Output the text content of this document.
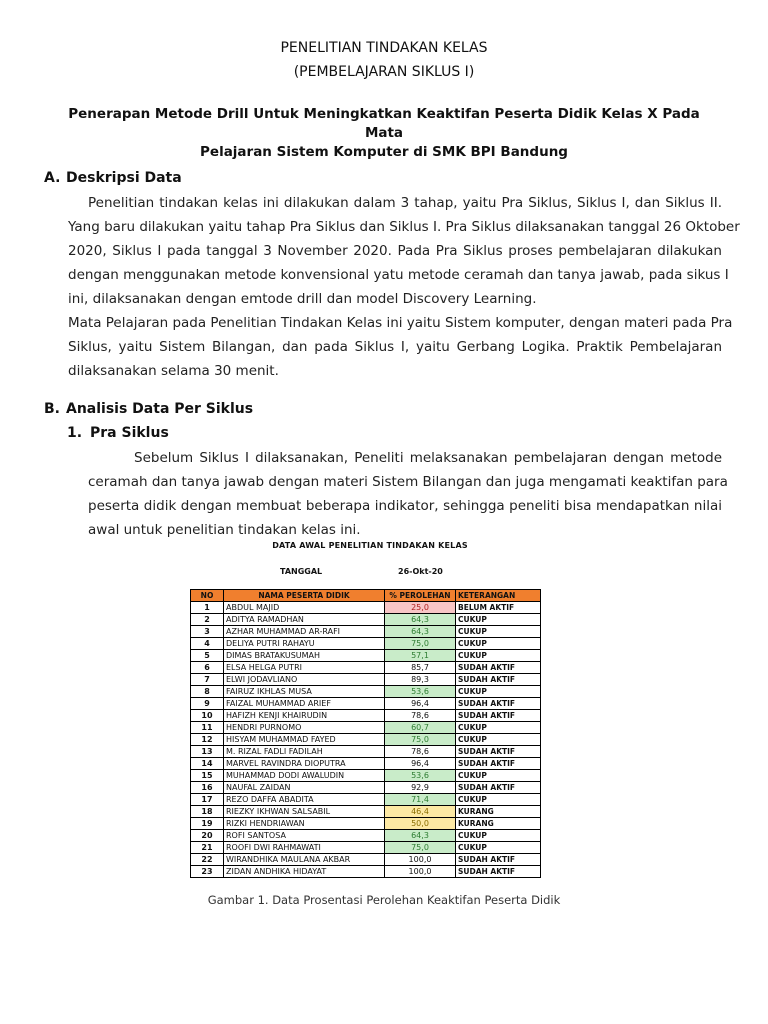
PENELITIAN TINDAKAN KELAS
(PEMBELAJARAN SIKLUS I)
Penerapan Metode Drill Untuk Meningkatkan Keaktifan Peserta Didik Kelas X Pada Mata
Pelajaran Sistem Komputer di SMK BPI Bandung
A. Deskripsi Data
Penelitian tindakan kelas ini dilakukan dalam 3 tahap, yaitu Pra Siklus, Siklus I, dan Siklus II.
Yang baru dilakukan yaitu tahap Pra Siklus dan Siklus I. Pra Siklus dilaksanakan tanggal 26 Oktober
2020, Siklus I pada tanggal 3 November 2020. Pada Pra Siklus proses pembelajaran dilakukan
dengan menggunakan metode konvensional yatu metode ceramah dan tanya jawab, pada sikus I
ini, dilaksanakan dengan emtode drill dan model Discovery Learning.
Mata Pelajaran pada Penelitian Tindakan Kelas ini yaitu Sistem komputer, dengan materi pada Pra
Siklus, yaitu Sistem Bilangan, dan pada Siklus I, yaitu Gerbang Logika. Praktik Pembelajaran
dilaksanakan selama 30 menit.
B. Analisis Data Per Siklus
1. Pra Siklus
Sebelum Siklus I dilaksanakan, Peneliti melaksanakan pembelajaran dengan metode
ceramah dan tanya jawab dengan materi Sistem Bilangan dan juga mengamati keaktifan para
peserta didik dengan membuat beberapa indikator, sehingga peneliti bisa mendapatkan nilai
awal untuk penelitian tindakan kelas ini.
DATA AWAL PENELITIAN TINDAKAN KELAS
TANGGAL	26-Okt-20
NO	NAMA PESERTA DIDIK	% PEROLEHAN	KETERANGAN
1	ABDUL MAJID	25,0	BELUM AKTIF
2	ADITYA RAMADHAN	64,3	CUKUP
3	AZHAR MUHAMMAD AR-RAFI	64,3	CUKUP
4	DELIYA PUTRI RAHAYU	75,0	CUKUP
5	DIMAS BRATAKUSUMAH	57,1	CUKUP
6	ELSA HELGA PUTRI	85,7	SUDAH AKTIF
7	ELWI JODAVLIANO	89,3	SUDAH AKTIF
8	FAIRUZ IKHLAS MUSA	53,6	CUKUP
9	FAIZAL MUHAMMAD ARIEF	96,4	SUDAH AKTIF
10	HAFIZH KENJI KHAIRUDIN	78,6	SUDAH AKTIF
11	HENDRI PURNOMO	60,7	CUKUP
12	HISYAM MUHAMMAD FAYED	75,0	CUKUP
13	M. RIZAL FADLI FADILAH	78,6	SUDAH AKTIF
14	MARVEL RAVINDRA DIOPUTRA	96,4	SUDAH AKTIF
15	MUHAMMAD DODI AWALUDIN	53,6	CUKUP
16	NAUFAL ZAIDAN	92,9	SUDAH AKTIF
17	REZO DAFFA ABADITA	71,4	CUKUP
18	RIEZKY IKHWAN SALSABIL	46,4	KURANG
19	RIZKI HENDRIAWAN	50,0	KURANG
20	ROFI SANTOSA	64,3	CUKUP
21	ROOFI DWI RAHMAWATI	75,0	CUKUP
22	WIRANDHIKA MAULANA AKBAR	100,0	SUDAH AKTIF
23	ZIDAN ANDHIKA HIDAYAT	100,0	SUDAH AKTIF
Gambar 1. Data Prosentasi Perolehan Keaktifan Peserta Didik
